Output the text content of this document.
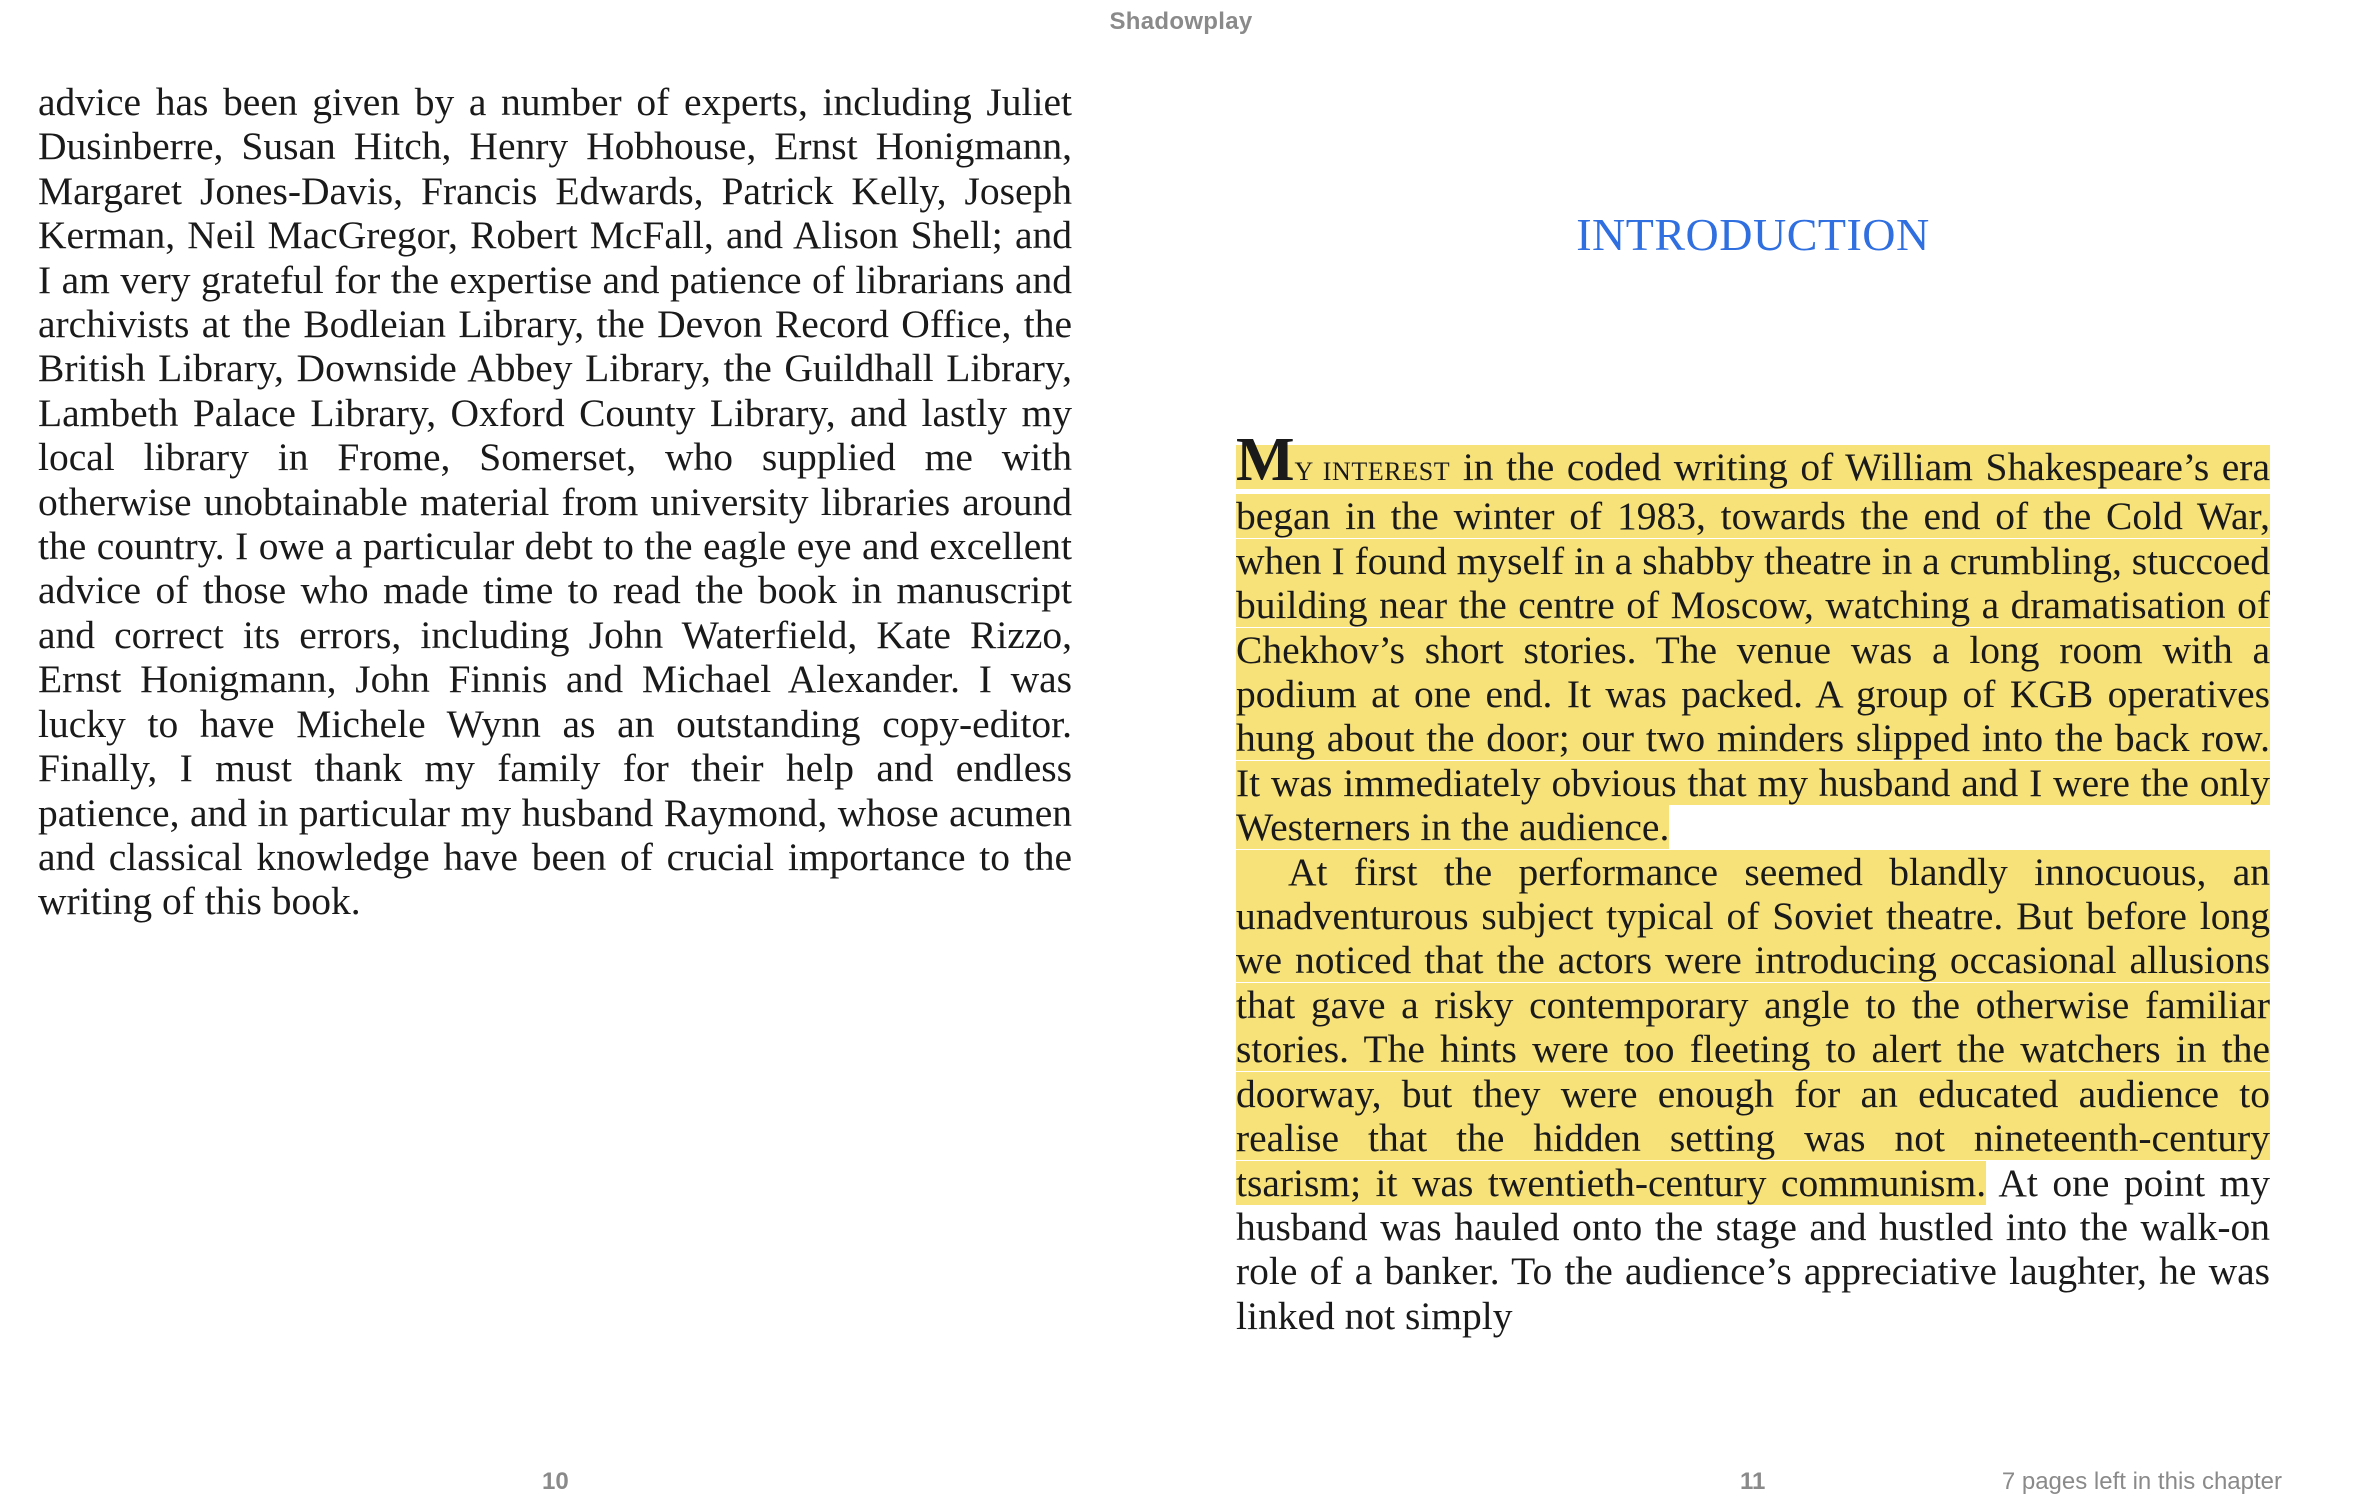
Shadowplay

advice has been given by a number of experts, including Juliet Dusinberre, Susan Hitch, Henry Hobhouse, Ernst Honigmann, Margaret Jones-Davis, Francis Edwards, Patrick Kelly, Joseph Kerman, Neil MacGregor, Robert McFall, and Alison Shell; and I am very grateful for the expertise and patience of librarians and archivists at the Bodleian Library, the Devon Record Office, the British Library, Downside Abbey Library, the Guildhall Library, Lambeth Palace Library, Oxford County Library, and lastly my local library in Frome, Somerset, who supplied me with otherwise unobtainable material from university libraries around the country. I owe a particular debt to the eagle eye and excellent advice of those who made time to read the book in manuscript and correct its errors, including John Waterfield, Kate Rizzo, Ernst Honigmann, John Finnis and Michael Alexander. I was lucky to have Michele Wynn as an outstanding copy-editor. Finally, I must thank my family for their help and endless patience, and in particular my husband Raymond, whose acumen and classical knowledge have been of crucial importance to the writing of this book.

10
INTRODUCTION

MY INTEREST in the coded writing of William Shakespeare’s era began in the winter of 1983, towards the end of the Cold War, when I found myself in a shabby theatre in a crumbling, stuccoed building near the centre of Moscow, watching a dramatisation of Chekhov’s short stories. The venue was a long room with a podium at one end. It was packed. A group of KGB operatives hung about the door; our two minders slipped into the back row. It was immediately obvious that my husband and I were the only Westerners in the audience.

At first the performance seemed blandly innocuous, an unadventurous subject typical of Soviet theatre. But before long we noticed that the actors were introducing occasional allusions that gave a risky contemporary angle to the otherwise familiar stories. The hints were too fleeting to alert the watchers in the doorway, but they were enough for an educated audience to realise that the hidden setting was not nineteenth-century tsarism; it was twentieth-century communism. At one point my husband was hauled onto the stage and hustled into the walk-on role of a banker. To the audience’s appreciative laughter, he was linked not simply

11	7 pages left in this chapter
